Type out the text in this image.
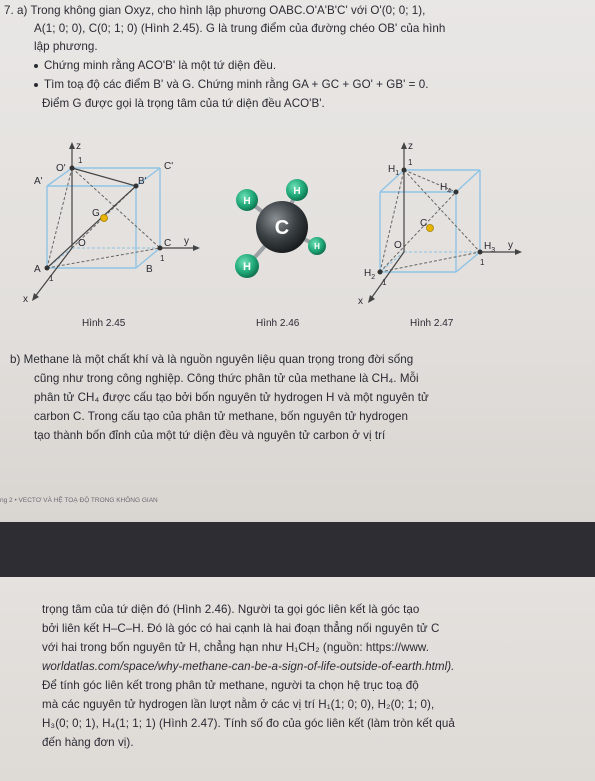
7. a) Trong không gian Oxyz, cho hình lập phương OABC.O'A'B'C' với O'(0; 0; 1),
A(1; 0; 0), C(0; 1; 0) (Hình 2.45). G là trung điểm của đường chéo OB' của hình
lập phương.
Chứng minh rằng ACO'B' là một tứ diện đều.
Tìm toạ độ các điểm B' và G. Chứng minh rằng GA + GC + GO' + GB' = 0.
Điểm G được gọi là trọng tâm của tứ diện đều ACO'B'.
z
O'
1
C'
A'	B'
G
O	C y
1
A	B
1
x
Hình 2.45
H
H
C
H
H
Hình 2.46
z
$H_1$
1
$H_4$
C
$H_3$
O	y
1
$H_2$
1
x
Hình 2.47
b) Methane là một chất khí và là nguồn nguyên liệu quan trọng trong đời sống
cũng như trong công nghiệp. Công thức phân tử của methane là CH₄. Mỗi
phân tử CH₄ được cấu tạo bởi bốn nguyên tử hydrogen H và một nguyên tử
carbon C. Trong cấu tạo của phân tử methane, bốn nguyên tử hydrogen
tạo thành bốn đỉnh của một tứ diện đều và nguyên tử carbon ở vị trí
ng 2 • VECTƠ VÀ HỆ TOẠ ĐỘ TRONG KHÔNG GIAN
trọng tâm của tứ diện đó (Hình 2.46). Người ta gọi góc liên kết là góc tạo
bởi liên kết H–C–H. Đó là góc có hai cạnh là hai đoạn thẳng nối nguyên tử C
với hai trong bốn nguyên tử H, chẳng hạn như H₁CH₂ (nguồn: https://www.
worldatlas.com/space/why-methane-can-be-a-sign-of-life-outside-of-earth.html).
Để tính góc liên kết trong phân tử methane, người ta chọn hệ trục toạ độ
mà các nguyên tử hydrogen lần lượt nằm ở các vị trí H₁(1; 0; 0), H₂(0; 1; 0),
H₃(0; 0; 1), H₄(1; 1; 1) (Hình 2.47). Tính số đo của góc liên kết (làm tròn kết quả
đến hàng đơn vị).
